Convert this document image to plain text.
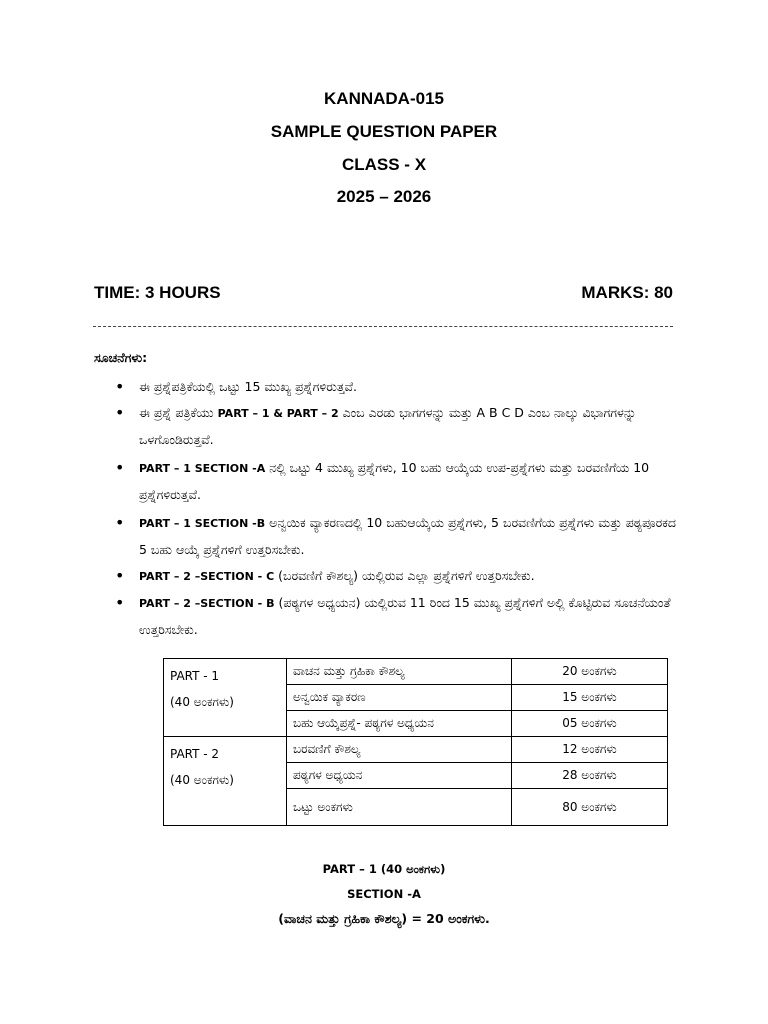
KANNADA-015
SAMPLE QUESTION PAPER
CLASS - X
2025 – 2026
TIME: 3 HOURS	MARKS: 80
ಸೂಚನೆಗಳು:
• ಈ ಪ್ರಶ್ನೆಪತ್ರಿಕೆಯಲ್ಲಿ ಒಟ್ಟು 15 ಮುಖ್ಯ ಪ್ರಶ್ನೆಗಳಿರುತ್ತವೆ.
• ಈ ಪ್ರಶ್ನೆ ಪತ್ರಿಕೆಯು PART – 1 & PART – 2 ಎಂಬ ಎರಡು ಭಾಗಗಳನ್ನು ಮತ್ತು A B C D ಎಂಬ ನಾಲ್ಕು ವಿಭಾಗಗಳನ್ನು ಒಳಗೊಂಡಿರುತ್ತವೆ.
• PART – 1 SECTION -A ನಲ್ಲಿ ಒಟ್ಟು 4 ಮುಖ್ಯ ಪ್ರಶ್ನೆಗಳು, 10 ಬಹು ಆಯ್ಕೆಯ ಉಪ-ಪ್ರಶ್ನೆಗಳು ಮತ್ತು ಬರವಣಿಗೆಯ 10 ಪ್ರಶ್ನೆಗಳಿರುತ್ತವೆ.
• PART – 1 SECTION -B ಅನ್ವಯಿಕ ವ್ಯಾಕರಣದಲ್ಲಿ 10 ಬಹುಆಯ್ಕೆಯ ಪ್ರಶ್ನೆಗಳು, 5 ಬರವಣಿಗೆಯ ಪ್ರಶ್ನೆಗಳು ಮತ್ತು ಪಠ್ಯಪೂರಕದ 5 ಬಹು ಆಯ್ಕೆ ಪ್ರಶ್ನೆಗಳಿಗೆ ಉತ್ತರಿಸಬೇಕು.
• PART – 2 –SECTION - C (ಬರವಣಿಗೆ ಕೌಶಲ್ಯ) ಯಲ್ಲಿರುವ ಎಲ್ಲಾ ಪ್ರಶ್ನೆಗಳಿಗೆ ಉತ್ತರಿಸಬೇಕು.
• PART – 2 –SECTION - B (ಪಠ್ಯಗಳ ಅಧ್ಯಯನ) ಯಲ್ಲಿರುವ 11 ರಿಂದ 15 ಮುಖ್ಯ ಪ್ರಶ್ನೆಗಳಿಗೆ ಅಲ್ಲಿ ಕೊಟ್ಟಿರುವ ಸೂಚನೆಯಂತೆ ಉತ್ತರಿಸಬೇಕು.
PART - 1
(40 ಅಂಕಗಳು)	ವಾಚನ ಮತ್ತು ಗ್ರಹಿಕಾ ಕೌಶಲ್ಯ	20 ಅಂಕಗಳು
	ಅನ್ವಯಿಕ ವ್ಯಾಕರಣ	15 ಅಂಕಗಳು
	ಬಹು ಆಯ್ಕೆಪ್ರಶ್ನೆ- ಪಠ್ಯಗಳ ಅಧ್ಯಯನ	05 ಅಂಕಗಳು

PART - 2
(40 ಅಂಕಗಳು)	ಬರವಣಿಗೆ ಕೌಶಲ್ಯ	12 ಅಂಕಗಳು
	ಪಠ್ಯಗಳ ಅಧ್ಯಯನ	28 ಅಂಕಗಳು
	ಒಟ್ಟು ಅಂಕಗಳು	80 ಅಂಕಗಳು
PART – 1 (40 ಅಂಕಗಳು)
SECTION -A
(ವಾಚನ ಮತ್ತು ಗ್ರಹಿಕಾ ಕೌಶಲ್ಯ) = 20 ಅಂಕಗಳು.
